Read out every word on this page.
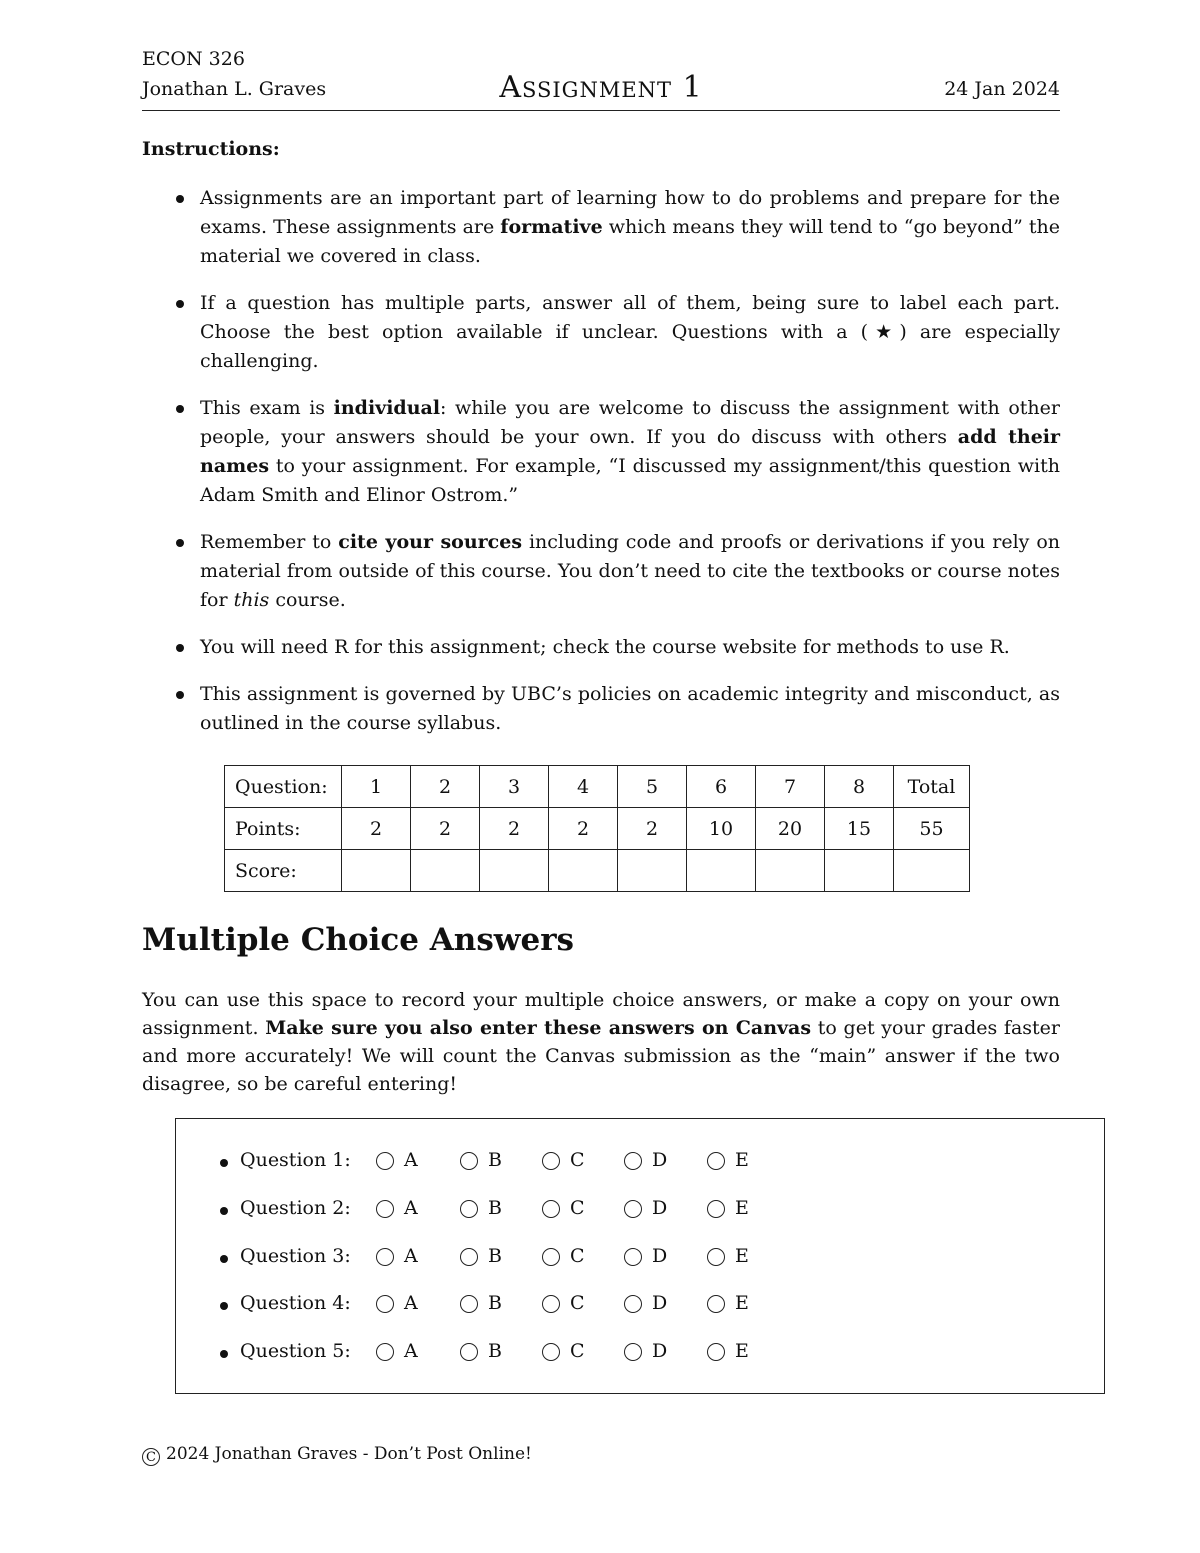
ECON 326
Jonathan L. Graves	Assignment 1	24 Jan 2024
Instructions:
Assignments are an important part of learning how to do problems and prepare for the exams. These assignments are formative which means they will tend to “go beyond” the material we covered in class.
If a question has multiple parts, answer all of them, being sure to label each part. Choose the best option available if unclear. Questions with a (★) are especially challenging.
This exam is individual: while you are welcome to discuss the assignment with other people, your answers should be your own. If you do discuss with others add their names to your assignment. For example, “I discussed my assignment/this question with Adam Smith and Elinor Ostrom.”
Remember to cite your sources including code and proofs or derivations if you rely on material from outside of this course. You don’t need to cite the textbooks or course notes for this course.
You will need R for this assignment; check the course website for methods to use R.
This assignment is governed by UBC’s policies on academic integrity and misconduct, as outlined in the course syllabus.
Question:	1	2	3	4	5	6	7	8	Total
Points:	2	2	2	2	2	10	20	15	55
Score:									
Multiple Choice Answers
You can use this space to record your multiple choice answers, or make a copy on your own assignment. Make sure you also enter these answers on Canvas to get your grades faster and more accurately! We will count the Canvas submission as the “main” answer if the two disagree, so be careful entering!
Question 1:	A	B	C	D	E
Question 2:	A	B	C	D	E
Question 3:	A	B	C	D	E
Question 4:	A	B	C	D	E
Question 5:	A	B	C	D	E
C 2024 Jonathan Graves - Don’t Post Online!
